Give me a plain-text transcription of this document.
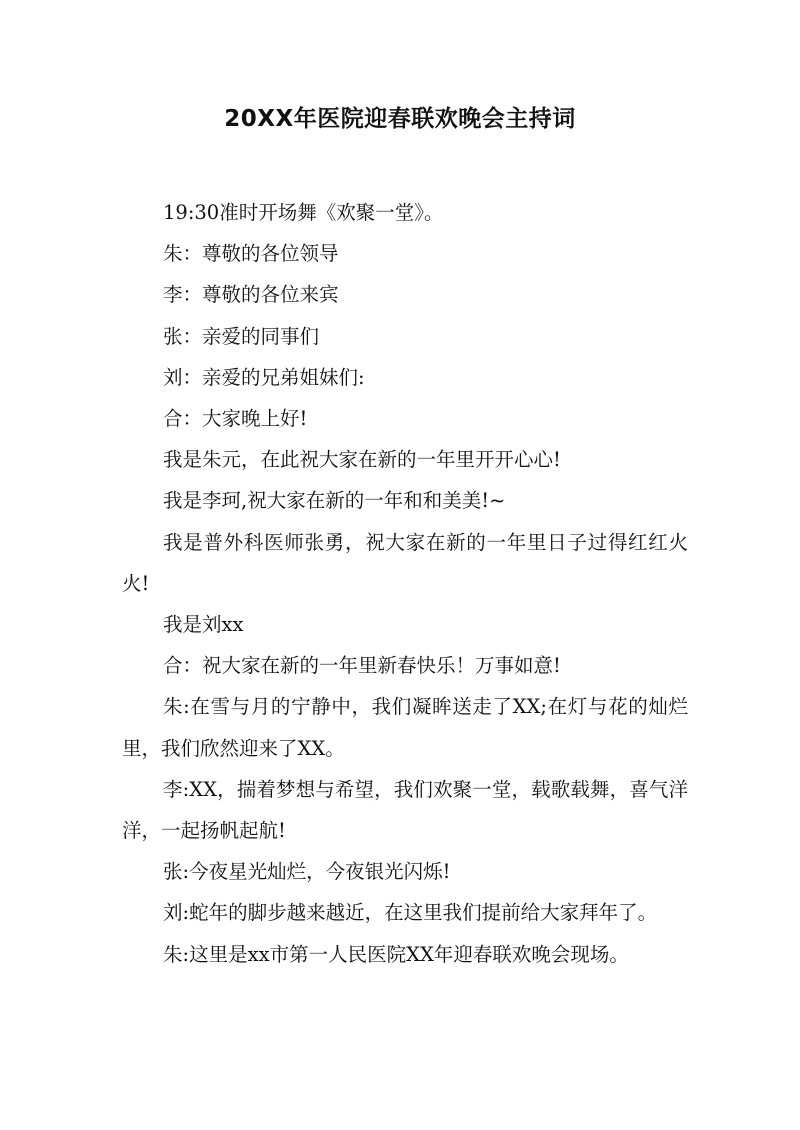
20XX年医院迎春联欢晚会主持词

19:30准时开场舞《欢聚一堂》。

朱：尊敬的各位领导

李：尊敬的各位来宾

张：亲爱的同事们

刘：亲爱的兄弟姐妹们:

合：大家晚上好!

我是朱元，在此祝大家在新的一年里开开心心!

我是李珂,祝大家在新的一年和和美美!~

我是普外科医师张勇，祝大家在新的一年里日子过得红红火火!

我是刘xx

合：祝大家在新的一年里新春快乐！万事如意!

朱:在雪与月的宁静中，我们凝眸送走了XX;在灯与花的灿烂里，我们欣然迎来了XX。

李:XX，揣着梦想与希望，我们欢聚一堂，载歌载舞，喜气洋洋，一起扬帆起航!

张:今夜星光灿烂，今夜银光闪烁!

刘:蛇年的脚步越来越近，在这里我们提前给大家拜年了。

朱:这里是xx市第一人民医院XX年迎春联欢晚会现场。
